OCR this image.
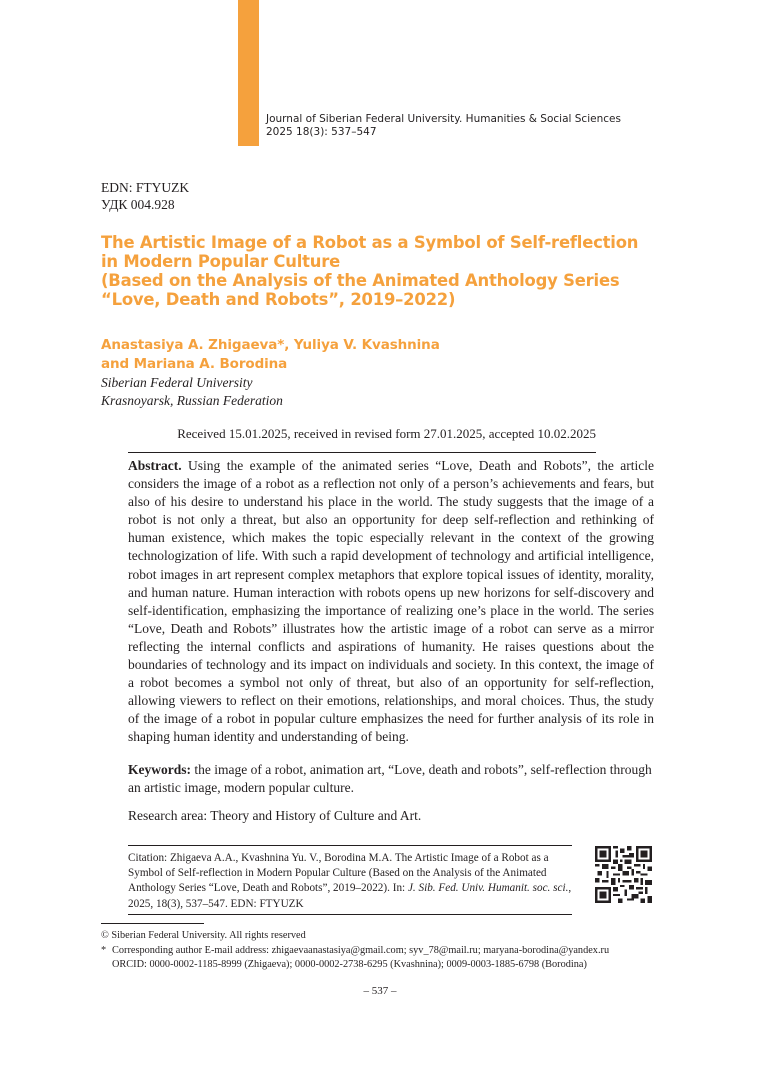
Journal of Siberian Federal University. Humanities & Social Sciences
2025 18(3): 537–547
EDN: FTYUZK
УДК 004.928
The Artistic Image of a Robot as a Symbol of Self-reflection
in Modern Popular Culture
(Based on the Analysis of the Animated Anthology Series
“Love, Death and Robots”, 2019–2022)
Anastasiya A. Zhigaeva*, Yuliya V. Kvashnina
and Mariana A. Borodina
Siberian Federal University
Krasnoyarsk, Russian Federation
Received 15.01.2025, received in revised form 27.01.2025, accepted 10.02.2025
Abstract. Using the example of the animated series “Love, Death and Robots”, the article considers the image of a robot as a reflection not only of a person’s achievements and fears, but also of his desire to understand his place in the world. The study suggests that the image of a robot is not only a threat, but also an opportunity for deep self-reflection and rethinking of human existence, which makes the topic especially relevant in the context of the growing technologization of life. With such a rapid development of technology and artificial intelligence, robot images in art represent complex metaphors that explore topical issues of identity, morality, and human nature. Human interaction with robots opens up new horizons for self-discovery and self-identification, emphasizing the importance of realizing one’s place in the world. The series “Love, Death and Robots” illustrates how the artistic image of a robot can serve as a mirror reflecting the internal conflicts and aspirations of humanity. He raises questions about the boundaries of technology and its impact on individuals and society. In this context, the image of a robot becomes a symbol not only of threat, but also of an opportunity for self-reflection, allowing viewers to reflect on their emotions, relationships, and moral choices. Thus, the study of the image of a robot in popular culture emphasizes the need for further analysis of its role in shaping human identity and understanding of being.
Keywords: the image of a robot, animation art, “Love, death and robots”, self-reflection through an artistic image, modern popular culture.
Research area: Theory and History of Culture and Art.
Citation: Zhigaeva A.A., Kvashnina Yu. V., Borodina M.A. The Artistic Image of a Robot as a Symbol of Self-reflection in Modern Popular Culture (Based on the Analysis of the Animated Anthology Series “Love, Death and Robots”, 2019–2022). In: J. Sib. Fed. Univ. Humanit. soc. sci., 2025, 18(3), 537–547. EDN: FTYUZK
© Siberian Federal University. All rights reserved
* Corresponding author E-mail address: zhigaevaanastasiya@gmail.com; syv_78@mail.ru; maryana-borodina@yandex.ru
ORCID: 0000-0002-1185-8999 (Zhigaeva); 0000-0002-2738-6295 (Kvashnina); 0009-0003-1885-6798 (Borodina)
– 537 –
